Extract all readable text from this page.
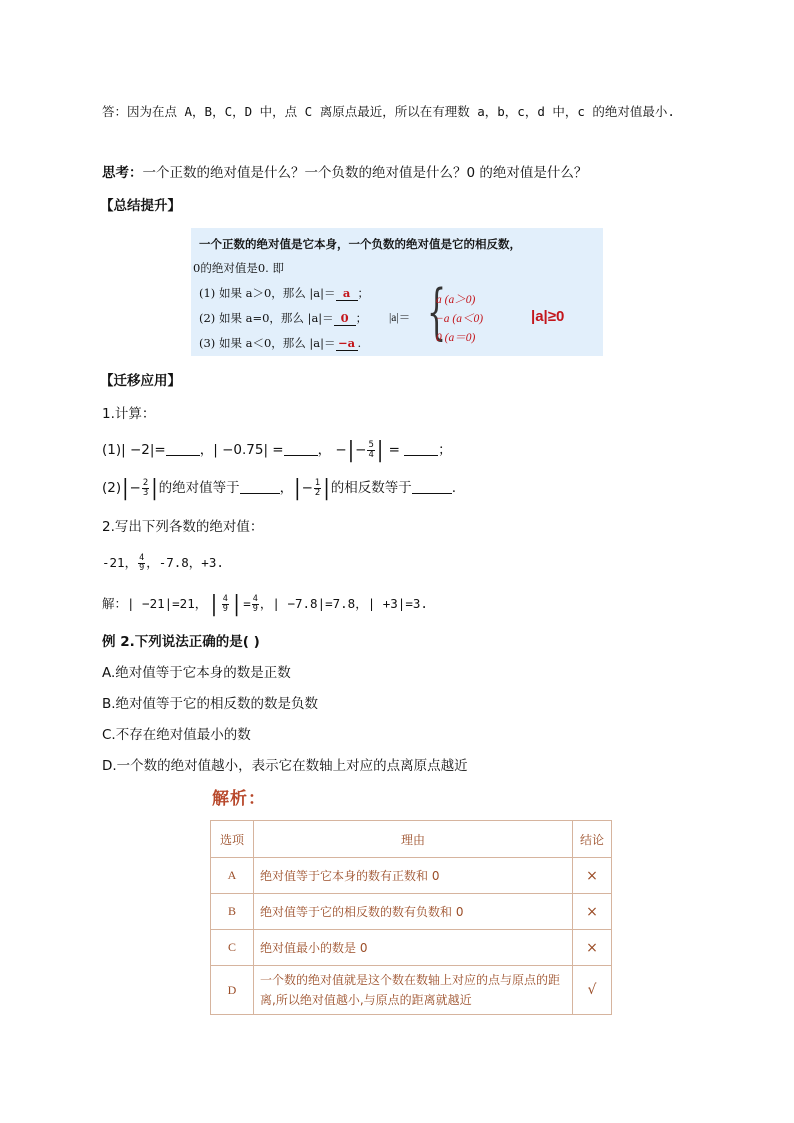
答：因为在点 A，B，C，D 中，点 C 离原点最近，所以在有理数 a，b，c，d 中，c 的绝对值最小.
思考：一个正数的绝对值是什么？一个负数的绝对值是什么？0 的绝对值是什么？
【总结提升】
一个正数的绝对值是它本身，一个负数的绝对值是它的相反数，
0的绝对值是0. 即
(1) 如果 a＞0，那么 |a|＝ a ；
(2) 如果 a=0，那么 |a|＝ 0 ；
(3) 如果 a＜0，那么 |a|＝ −a .
|a|＝ {
a (a＞0)
−a (a＜0)
0 (a＝0)
|a|≥0
【迁移应用】
1.计算：
(1)| −2|=	，| −0.75| =	， −|− $\frac{5}{4}$ | =	；
$(2)|- \frac{2}{3}$ |的绝对值等于	，|− $\frac{1}{2}$ |的相反数等于	.
2.写出下列各数的绝对值：
-21， $\frac{4}{9}$ ，-7.8，+3.
解：| −21|=21，| $\frac{4}{9}$ |= $\frac{4}{9}$ ，| −7.8|=7.8，| +3|=3.
例 2.下列说法正确的是( )
A.绝对值等于它本身的数是正数
B.绝对值等于它的相反数的数是负数
C.不存在绝对值最小的数
D.一个数的绝对值越小，表示它在数轴上对应的点离原点越近
解析：
选项	理由	结论
A	绝对值等于它本身的数有正数和 0	×
B	绝对值等于它的相反数的数有负数和 0	×
C	绝对值最小的数是 0	×
D	一个数的绝对值就是这个数在数轴上对应的点与原点的距离,所以绝对值越小,与原点的距离就越近	√
